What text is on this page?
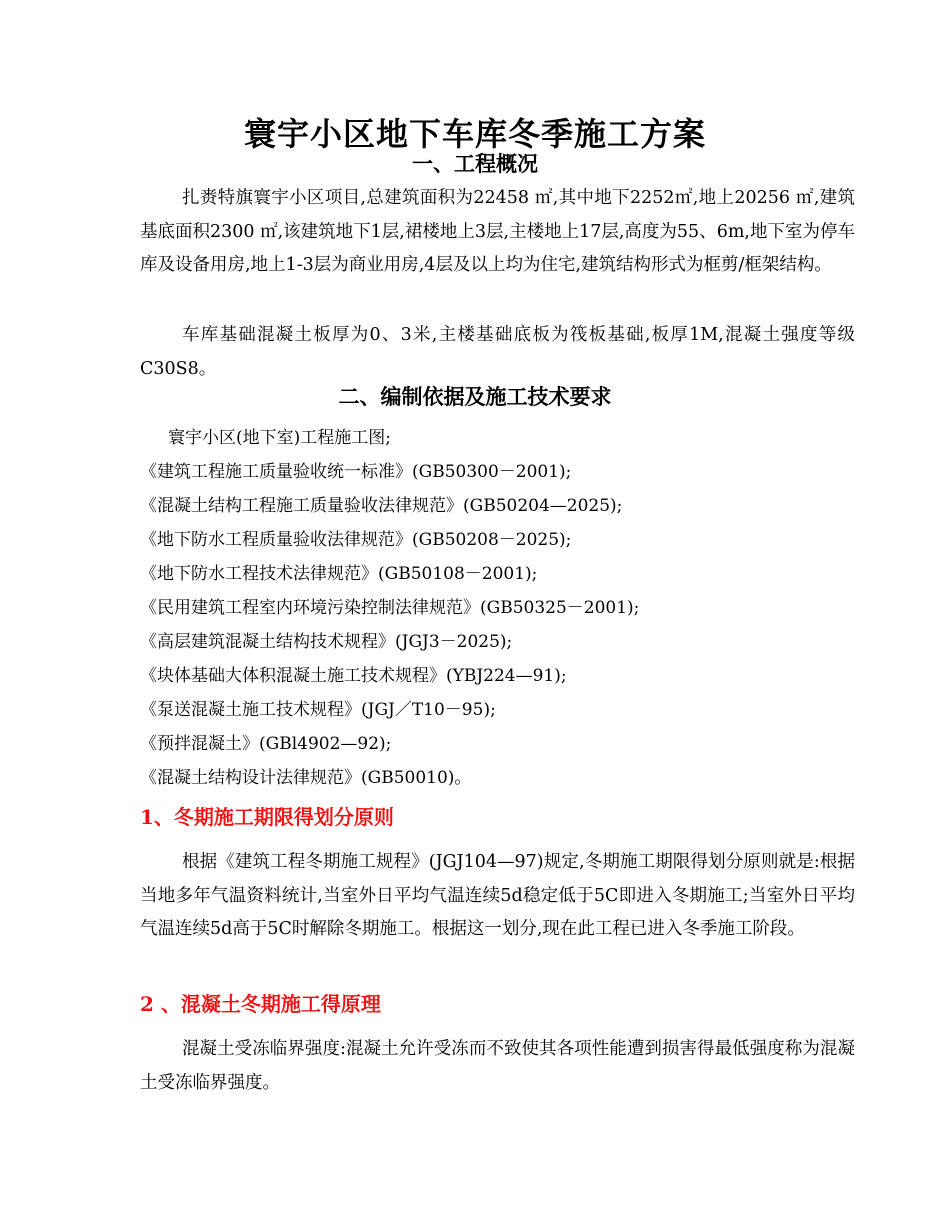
寰宇小区地下车库冬季施工方案
一、工程概况
扎赉特旗寰宇小区项目,总建筑面积为22458 ㎡,其中地下2252㎡,地上20256 ㎡,建筑基底面积2300 ㎡,该建筑地下1层,裙楼地上3层,主楼地上17层,高度为55、6m,地下室为停车库及设备用房,地上1-3层为商业用房,4层及以上均为住宅,建筑结构形式为框剪/框架结构。
车库基础混凝土板厚为0、3米,主楼基础底板为筏板基础,板厚1M,混凝土强度等级C30S8。
二、编制依据及施工技术要求
寰宇小区(地下室)工程施工图;
《建筑工程施工质量验收统一标准》(GB50300－2001);
《混凝土结构工程施工质量验收法律规范》(GB50204—2025);
《地下防水工程质量验收法律规范》(GB50208－2025);
《地下防水工程技术法律规范》(GB50108－2001);
《民用建筑工程室内环境污染控制法律规范》(GB50325－2001);
《高层建筑混凝土结构技术规程》(JGJ3－2025);
《块体基础大体积混凝土施工技术规程》(YBJ224—91);
《泵送混凝土施工技术规程》(JGJ／T10－95);
《预拌混凝土》(GBl4902—92);
《混凝土结构设计法律规范》(GB50010)。
1、冬期施工期限得划分原则
根据《建筑工程冬期施工规程》(JGJ104—97)规定,冬期施工期限得划分原则就是:根据当地多年气温资料统计,当室外日平均气温连续5d稳定低于5C即进入冬期施工;当室外日平均气温连续5d高于5C时解除冬期施工。根据这一划分,现在此工程已进入冬季施工阶段。
2 、混凝土冬期施工得原理
混凝土受冻临界强度:混凝土允许受冻而不致使其各项性能遭到损害得最低强度称为混凝土受冻临界强度。
